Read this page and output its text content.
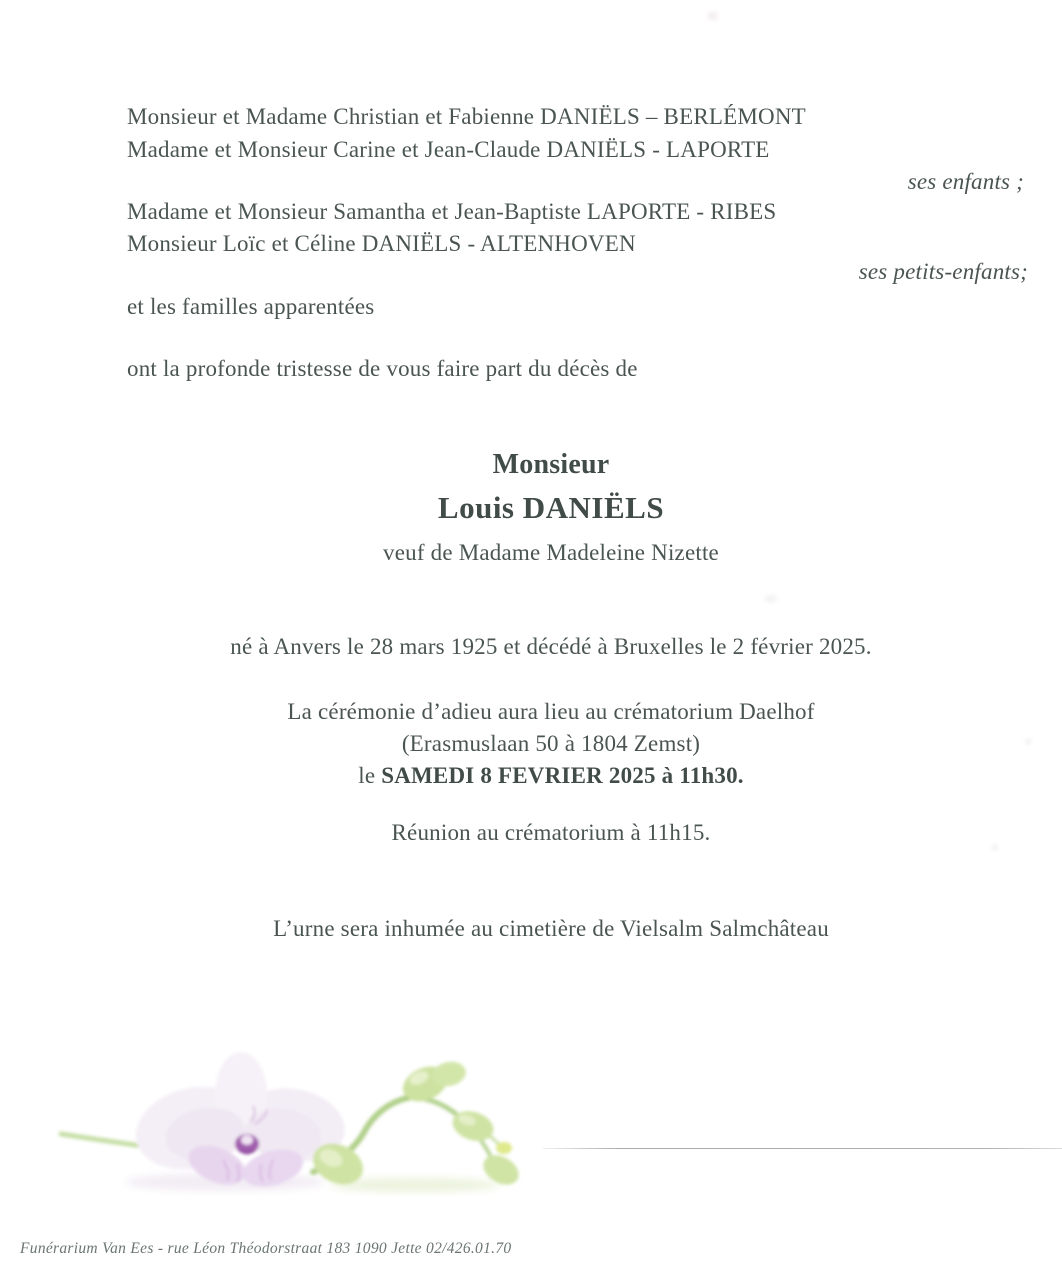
Monsieur et Madame Christian et Fabienne DANIËLS – BERLÉMONT
Madame et Monsieur Carine et Jean-Claude DANIËLS - LAPORTE
ses enfants ;
Madame et Monsieur Samantha et Jean-Baptiste LAPORTE - RIBES
Monsieur Loïc et Céline DANIËLS - ALTENHOVEN
ses petits-enfants;
et les familles apparentées
ont la profonde tristesse de vous faire part du décès de
Monsieur
Louis DANIËLS
veuf de Madame Madeleine Nizette
né à Anvers le 28 mars 1925 et décédé à Bruxelles le 2 février 2025.
La cérémonie d’adieu aura lieu au crématorium Daelhof
(Erasmuslaan 50 à 1804 Zemst)
le SAMEDI 8 FEVRIER 2025 à 11h30.
Réunion au crématorium à 11h15.
L’urne sera inhumée au cimetière de Vielsalm Salmchâteau
Funérarium Van Ees - rue Léon Théodorstraat 183 1090 Jette 02/426.01.70
